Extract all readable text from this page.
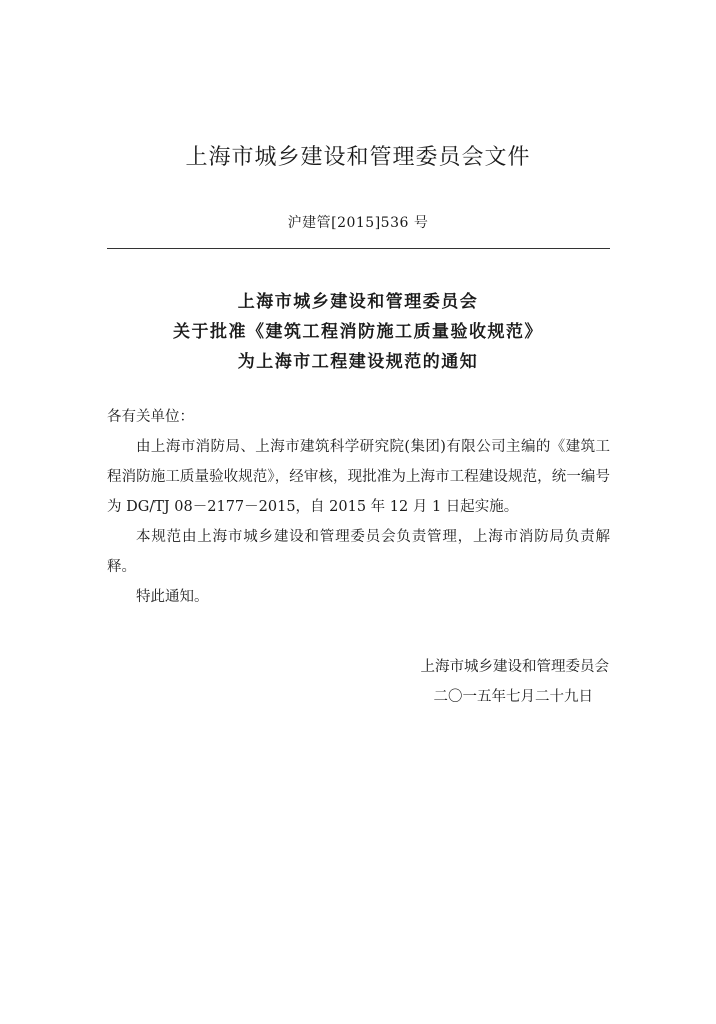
上海市城乡建设和管理委员会文件
沪建管[2015]536 号
上海市城乡建设和管理委员会
关于批准《建筑工程消防施工质量验收规范》
为上海市工程建设规范的通知

各有关单位：

由上海市消防局、上海市建筑科学研究院(集团)有限公司主编的《建筑工程消防施工质量验收规范》，经审核，现批准为上海市工程建设规范，统一编号为 DG/TJ 08－2177－2015，自 2015 年 12 月 1 日起实施。

本规范由上海市城乡建设和管理委员会负责管理，上海市消防局负责解释。

特此通知。

上海市城乡建设和管理委员会
二〇一五年七月二十九日
